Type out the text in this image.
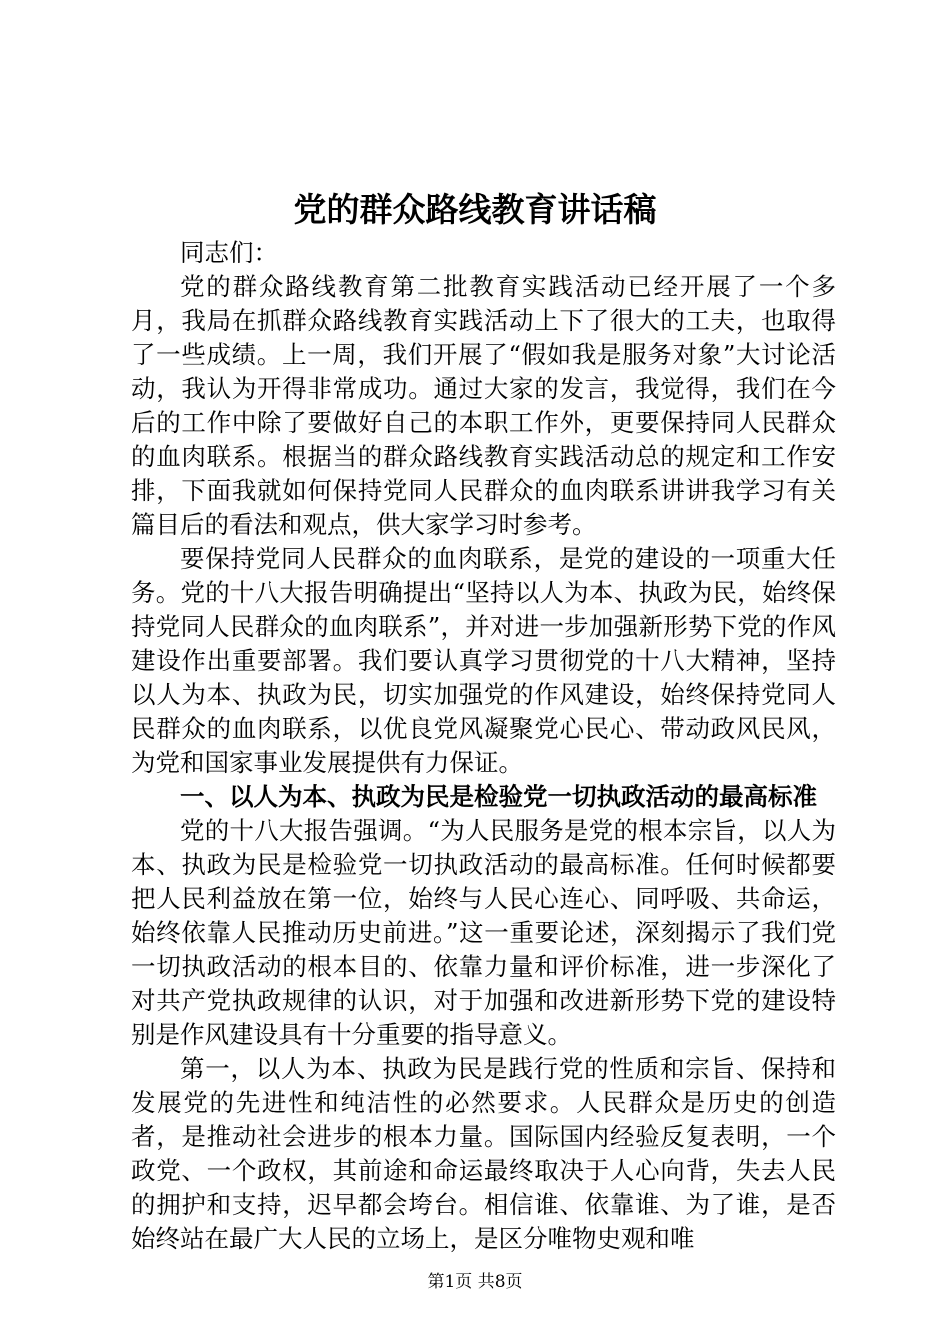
党的群众路线教育讲话稿

同志们：

党的群众路线教育第二批教育实践活动已经开展了一个多月，我局在抓群众路线教育实践活动上下了很大的工夫，也取得了一些成绩。上一周，我们开展了“假如我是服务对象”大讨论活动，我认为开得非常成功。通过大家的发言，我觉得，我们在今后的工作中除了要做好自己的本职工作外，更要保持同人民群众的血肉联系。根据当的群众路线教育实践活动总的规定和工作安排，下面我就如何保持党同人民群众的血肉联系讲讲我学习有关篇目后的看法和观点，供大家学习时参考。

要保持党同人民群众的血肉联系，是党的建设的一项重大任务。党的十八大报告明确提出“坚持以人为本、执政为民，始终保持党同人民群众的血肉联系”，并对进一步加强新形势下党的作风建设作出重要部署。我们要认真学习贯彻党的十八大精神，坚持以人为本、执政为民，切实加强党的作风建设，始终保持党同人民群众的血肉联系，以优良党风凝聚党心民心、带动政风民风，为党和国家事业发展提供有力保证。

一、以人为本、执政为民是检验党一切执政活动的最高标准

党的十八大报告强调。“为人民服务是党的根本宗旨，以人为本、执政为民是检验党一切执政活动的最高标准。任何时候都要把人民利益放在第一位，始终与人民心连心、同呼吸、共命运，始终依靠人民推动历史前进。”这一重要论述，深刻揭示了我们党一切执政活动的根本目的、依靠力量和评价标准，进一步深化了对共产党执政规律的认识，对于加强和改进新形势下党的建设特别是作风建设具有十分重要的指导意义。

第一，以人为本、执政为民是践行党的性质和宗旨、保持和发展党的先进性和纯洁性的必然要求。人民群众是历史的创造者，是推动社会进步的根本力量。国际国内经验反复表明，一个政党、一个政权，其前途和命运最终取决于人心向背，失去人民的拥护和支持，迟早都会垮台。相信谁、依靠谁、为了谁，是否始终站在最广大人民的立场上，是区分唯物史观和唯

第1页 共8页
